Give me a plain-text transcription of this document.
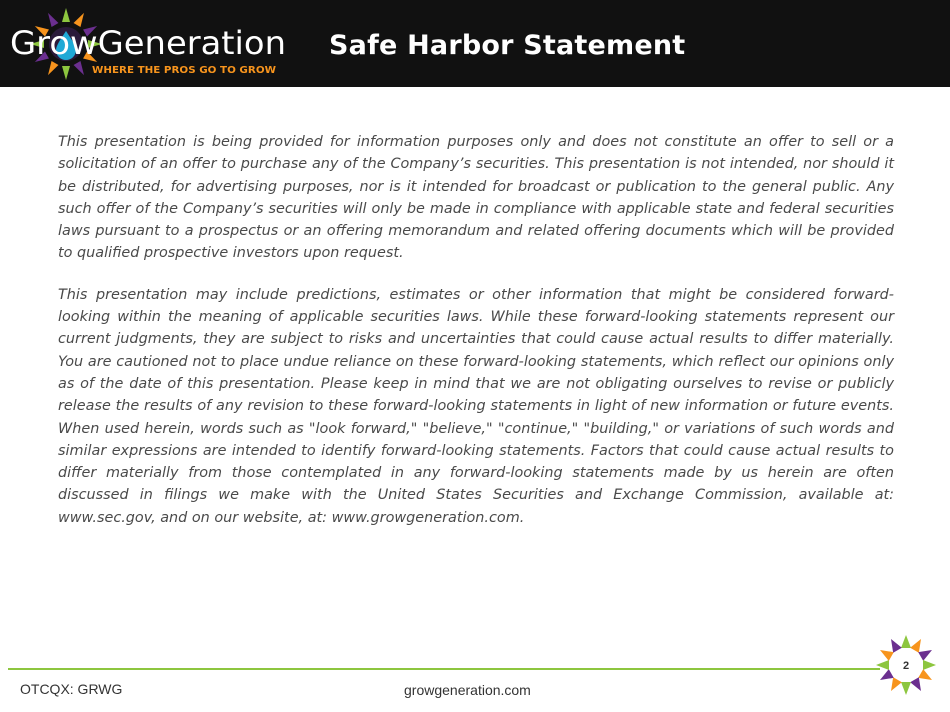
GrowGeneration
WHERE THE PROS GO TO GROW
Safe Harbor Statement

This presentation is being provided for information purposes only and does not constitute an offer to sell or a solicitation of an offer to purchase any of the Company’s securities. This presentation is not intended, nor should it be distributed, for advertising purposes, nor is it intended for broadcast or publication to the general public. Any such offer of the Company’s securities will only be made in compliance with applicable state and federal securities laws pursuant to a prospectus or an offering memorandum and related offering documents which will be provided to qualified prospective investors upon request.

This presentation may include predictions, estimates or other information that might be considered forward-looking within the meaning of applicable securities laws. While these forward-looking statements represent our current judgments, they are subject to risks and uncertainties that could cause actual results to differ materially. You are cautioned not to place undue reliance on these forward-looking statements, which reflect our opinions only as of the date of this presentation. Please keep in mind that we are not obligating ourselves to revise or publicly release the results of any revision to these forward-looking statements in light of new information or future events. When used herein, words such as "look forward," "believe," "continue," "building," or variations of such words and similar expressions are intended to identify forward-looking statements. Factors that could cause actual results to differ materially from those contemplated in any forward-looking statements made by us herein are often discussed in filings we make with the United States Securities and Exchange Commission, available at: www.sec.gov, and on our website, at: www.growgeneration.com.

OTCQX: GRWG	growgeneration.com
2
